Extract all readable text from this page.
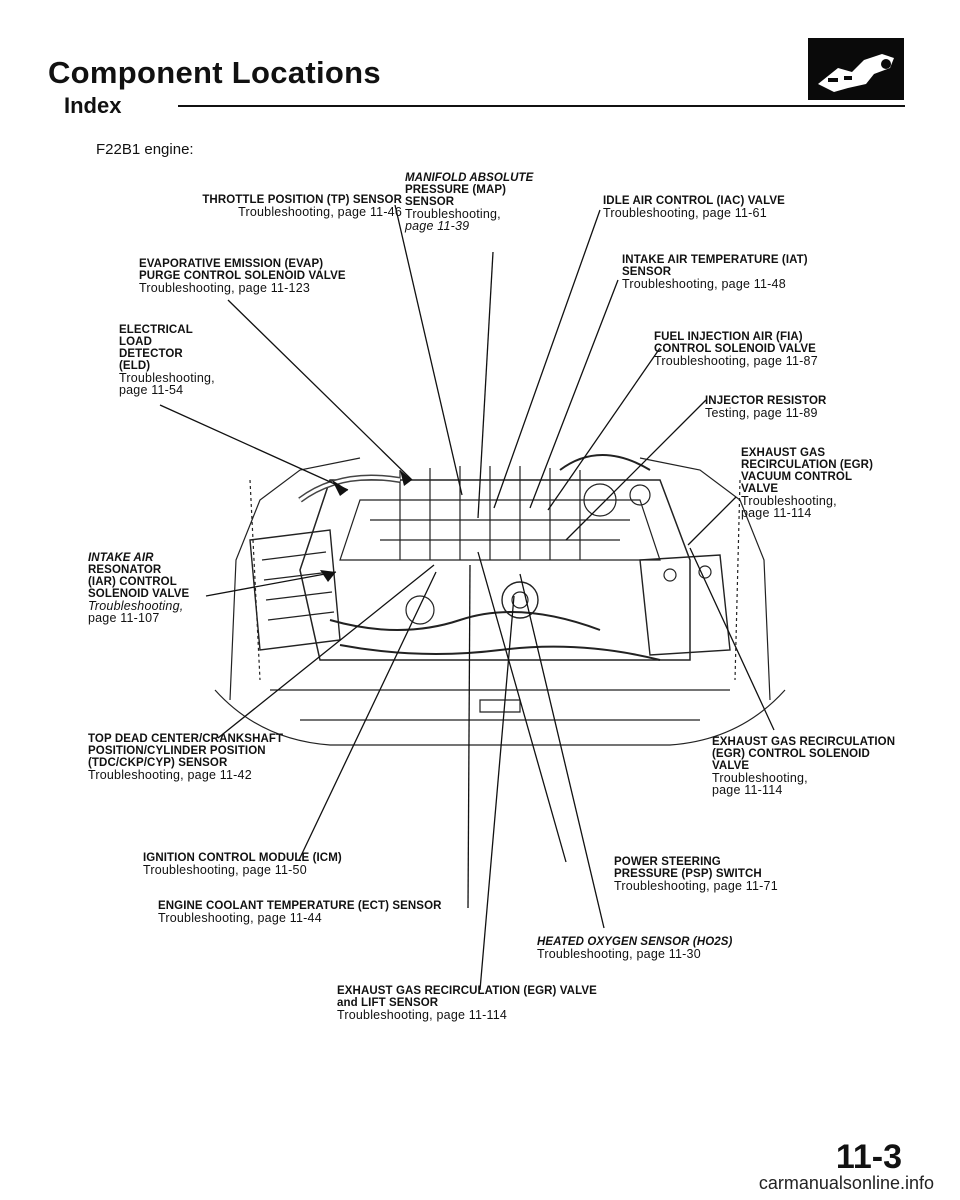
Component Locations
Index
F22B1 engine:
THROTTLE POSITION (TP) SENSOR
Troubleshooting, page 11-46
MANIFOLD ABSOLUTE
PRESSURE (MAP)
SENSOR
Troubleshooting,
page 11-39
IDLE AIR CONTROL (IAC) VALVE
Troubleshooting, page 11-61
EVAPORATIVE EMISSION (EVAP)
PURGE CONTROL SOLENOID VALVE
Troubleshooting, page 11-123
INTAKE AIR TEMPERATURE (IAT)
SENSOR
Troubleshooting, page 11-48
ELECTRICAL
LOAD
DETECTOR
(ELD)
Troubleshooting,
page 11-54
FUEL INJECTION AIR (FIA)
CONTROL SOLENOID VALVE
Troubleshooting, page 11-87
INJECTOR RESISTOR
Testing, page 11-89
EXHAUST GAS
RECIRCULATION (EGR)
VACUUM CONTROL
VALVE
Troubleshooting,
page 11-114
INTAKE AIR
RESONATOR
(IAR) CONTROL
SOLENOID VALVE
Troubleshooting,
page 11-107
TOP DEAD CENTER/CRANKSHAFT
POSITION/CYLINDER POSITION
(TDC/CKP/CYP) SENSOR
Troubleshooting, page 11-42
EXHAUST GAS RECIRCULATION
(EGR) CONTROL SOLENOID
VALVE
Troubleshooting,
page 11-114
IGNITION CONTROL MODULE (ICM)
Troubleshooting, page 11-50
POWER STEERING
PRESSURE (PSP) SWITCH
Troubleshooting, page 11-71
ENGINE COOLANT TEMPERATURE (ECT) SENSOR
Troubleshooting, page 11-44
HEATED OXYGEN SENSOR (HO2S)
Troubleshooting, page 11-30
EXHAUST GAS RECIRCULATION (EGR) VALVE
and LIFT SENSOR
Troubleshooting, page 11-114
11-3
carmanualsonline.info
